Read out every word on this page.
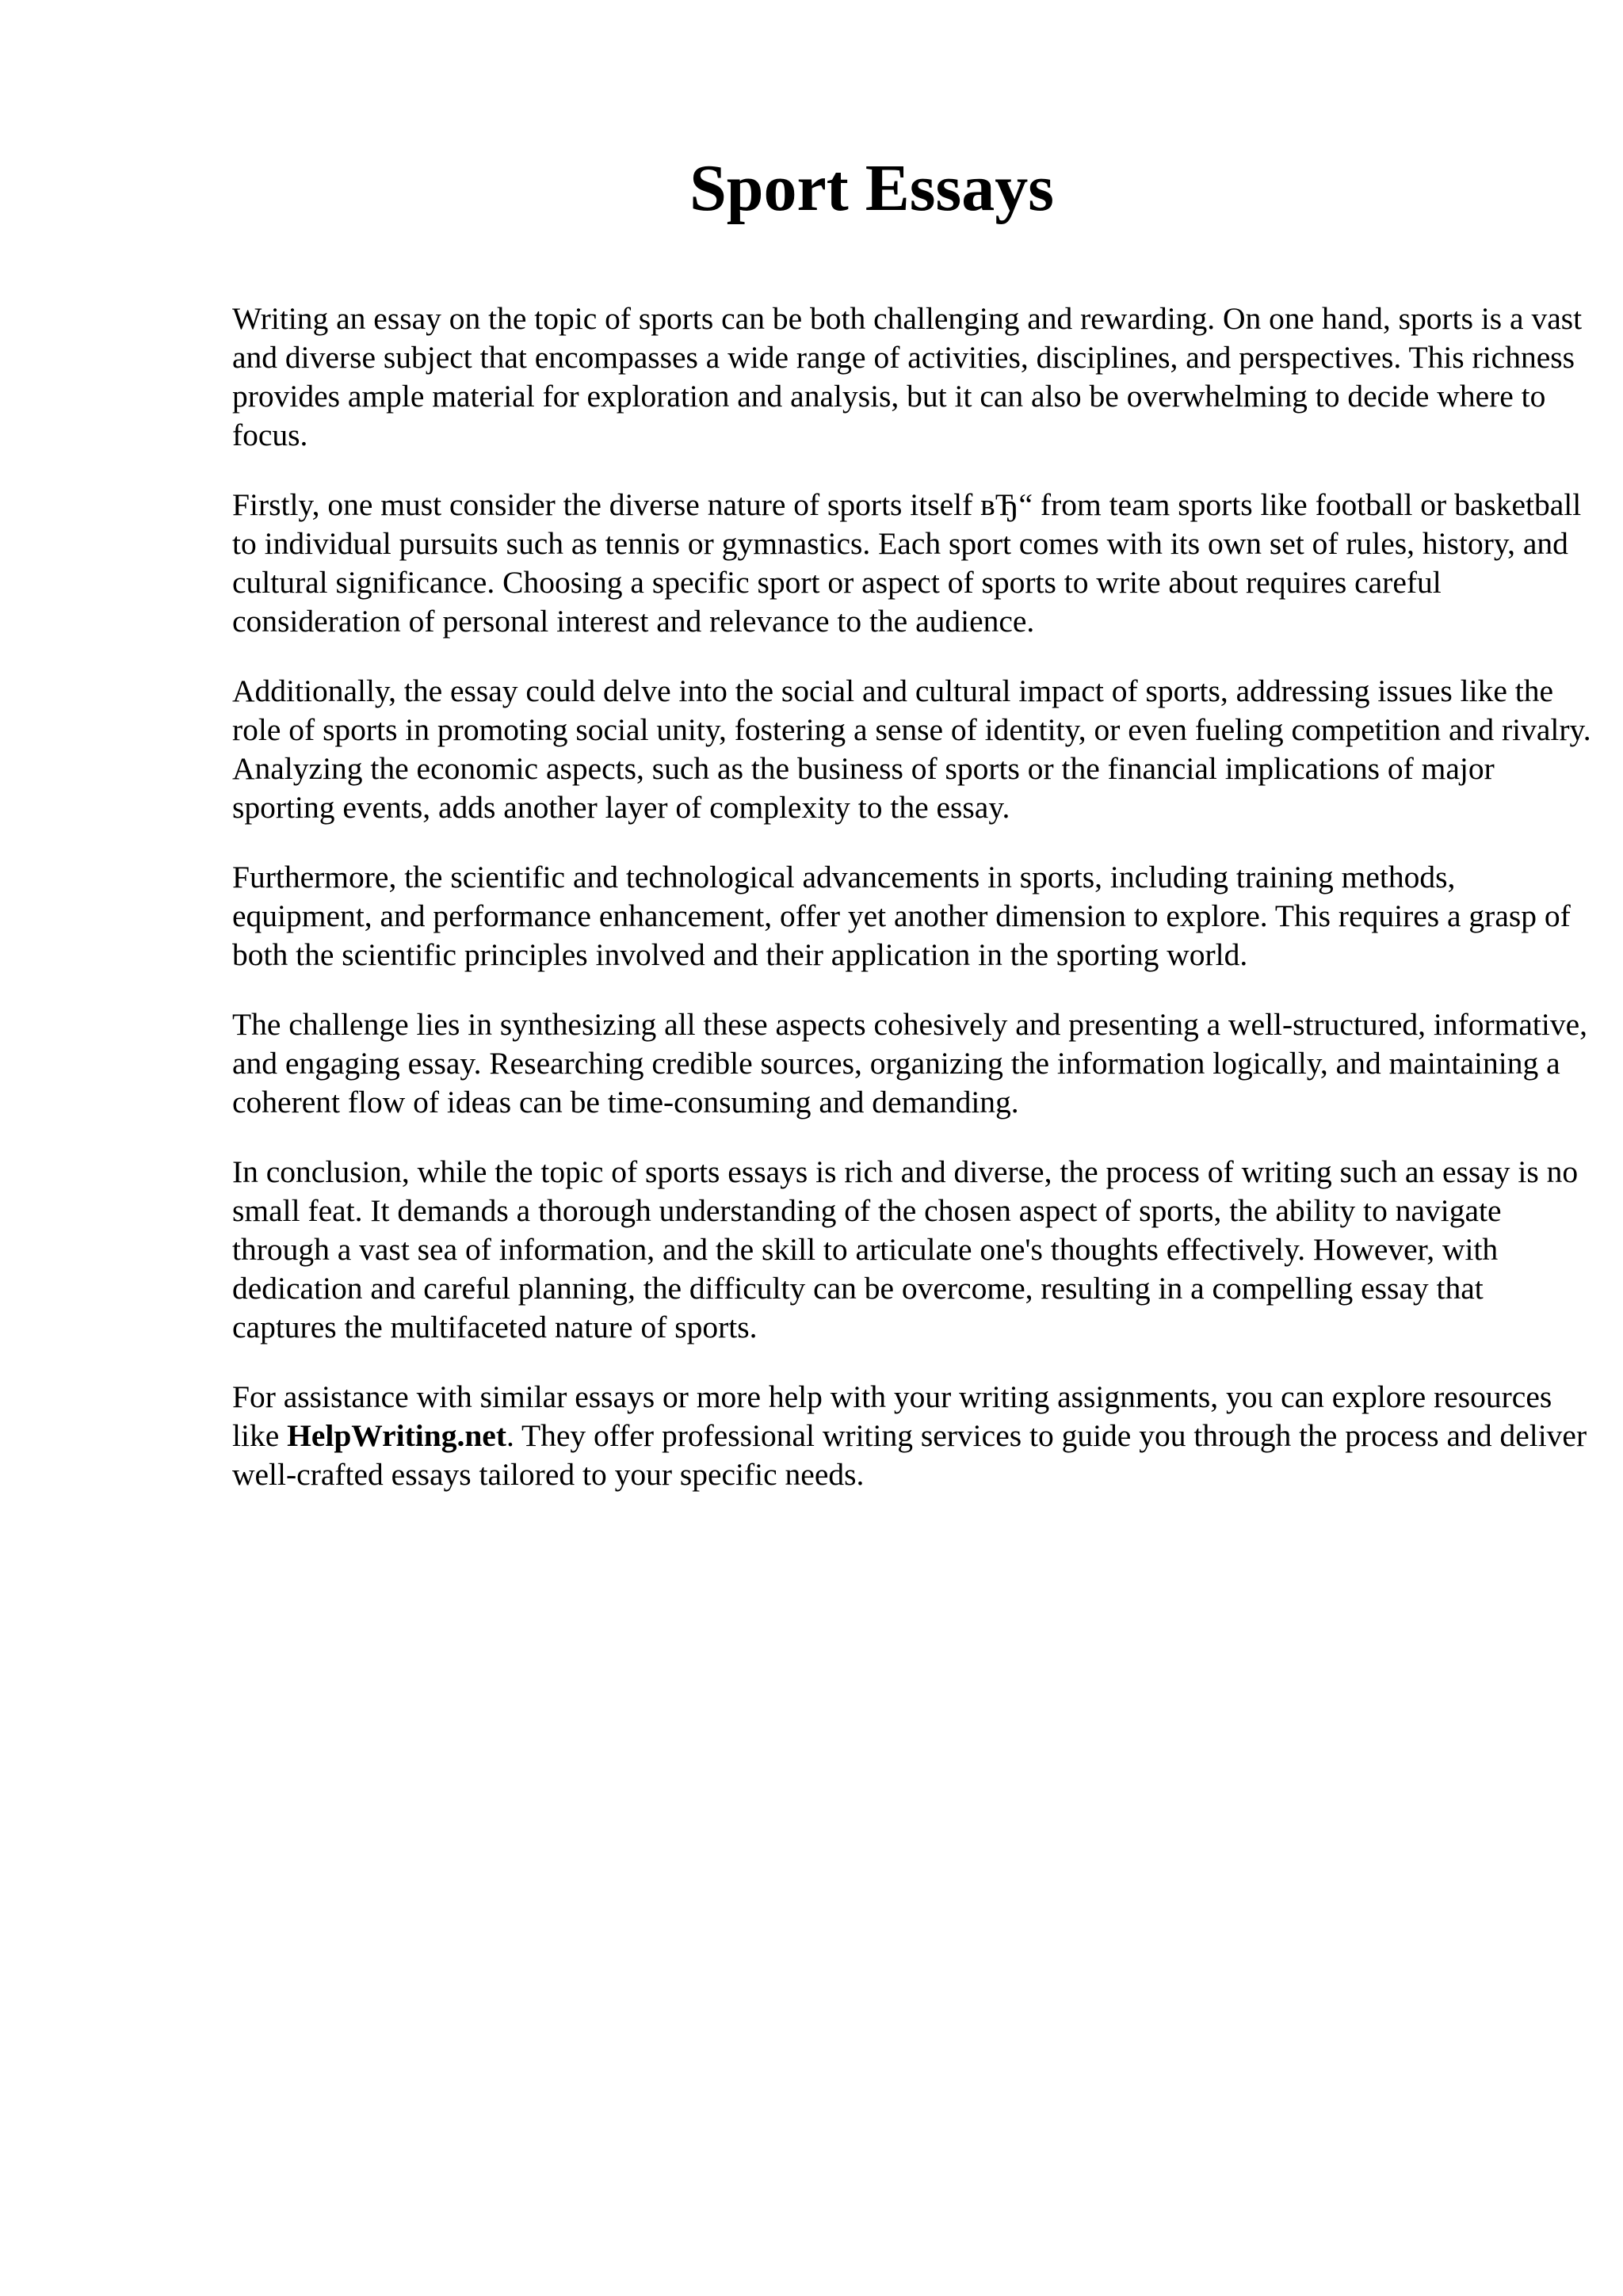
Sport Essays

Writing an essay on the topic of sports can be both challenging and rewarding. On one hand, sports is a vast and diverse subject that encompasses a wide range of activities, disciplines, and perspectives. This richness provides ample material for exploration and analysis, but it can also be overwhelming to decide where to focus.

Firstly, one must consider the diverse nature of sports itself вЂ“ from team sports like football or basketball to individual pursuits such as tennis or gymnastics. Each sport comes with its own set of rules, history, and cultural significance. Choosing a specific sport or aspect of sports to write about requires careful consideration of personal interest and relevance to the audience.

Additionally, the essay could delve into the social and cultural impact of sports, addressing issues like the role of sports in promoting social unity, fostering a sense of identity, or even fueling competition and rivalry. Analyzing the economic aspects, such as the business of sports or the financial implications of major sporting events, adds another layer of complexity to the essay.

Furthermore, the scientific and technological advancements in sports, including training methods, equipment, and performance enhancement, offer yet another dimension to explore. This requires a grasp of both the scientific principles involved and their application in the sporting world.

The challenge lies in synthesizing all these aspects cohesively and presenting a well-structured, informative, and engaging essay. Researching credible sources, organizing the information logically, and maintaining a coherent flow of ideas can be time-consuming and demanding.

In conclusion, while the topic of sports essays is rich and diverse, the process of writing such an essay is no small feat. It demands a thorough understanding of the chosen aspect of sports, the ability to navigate through a vast sea of information, and the skill to articulate one's thoughts effectively. However, with dedication and careful planning, the difficulty can be overcome, resulting in a compelling essay that captures the multifaceted nature of sports.

For assistance with similar essays or more help with your writing assignments, you can explore resources like HelpWriting.net. They offer professional writing services to guide you through the process and deliver well-crafted essays tailored to your specific needs.
